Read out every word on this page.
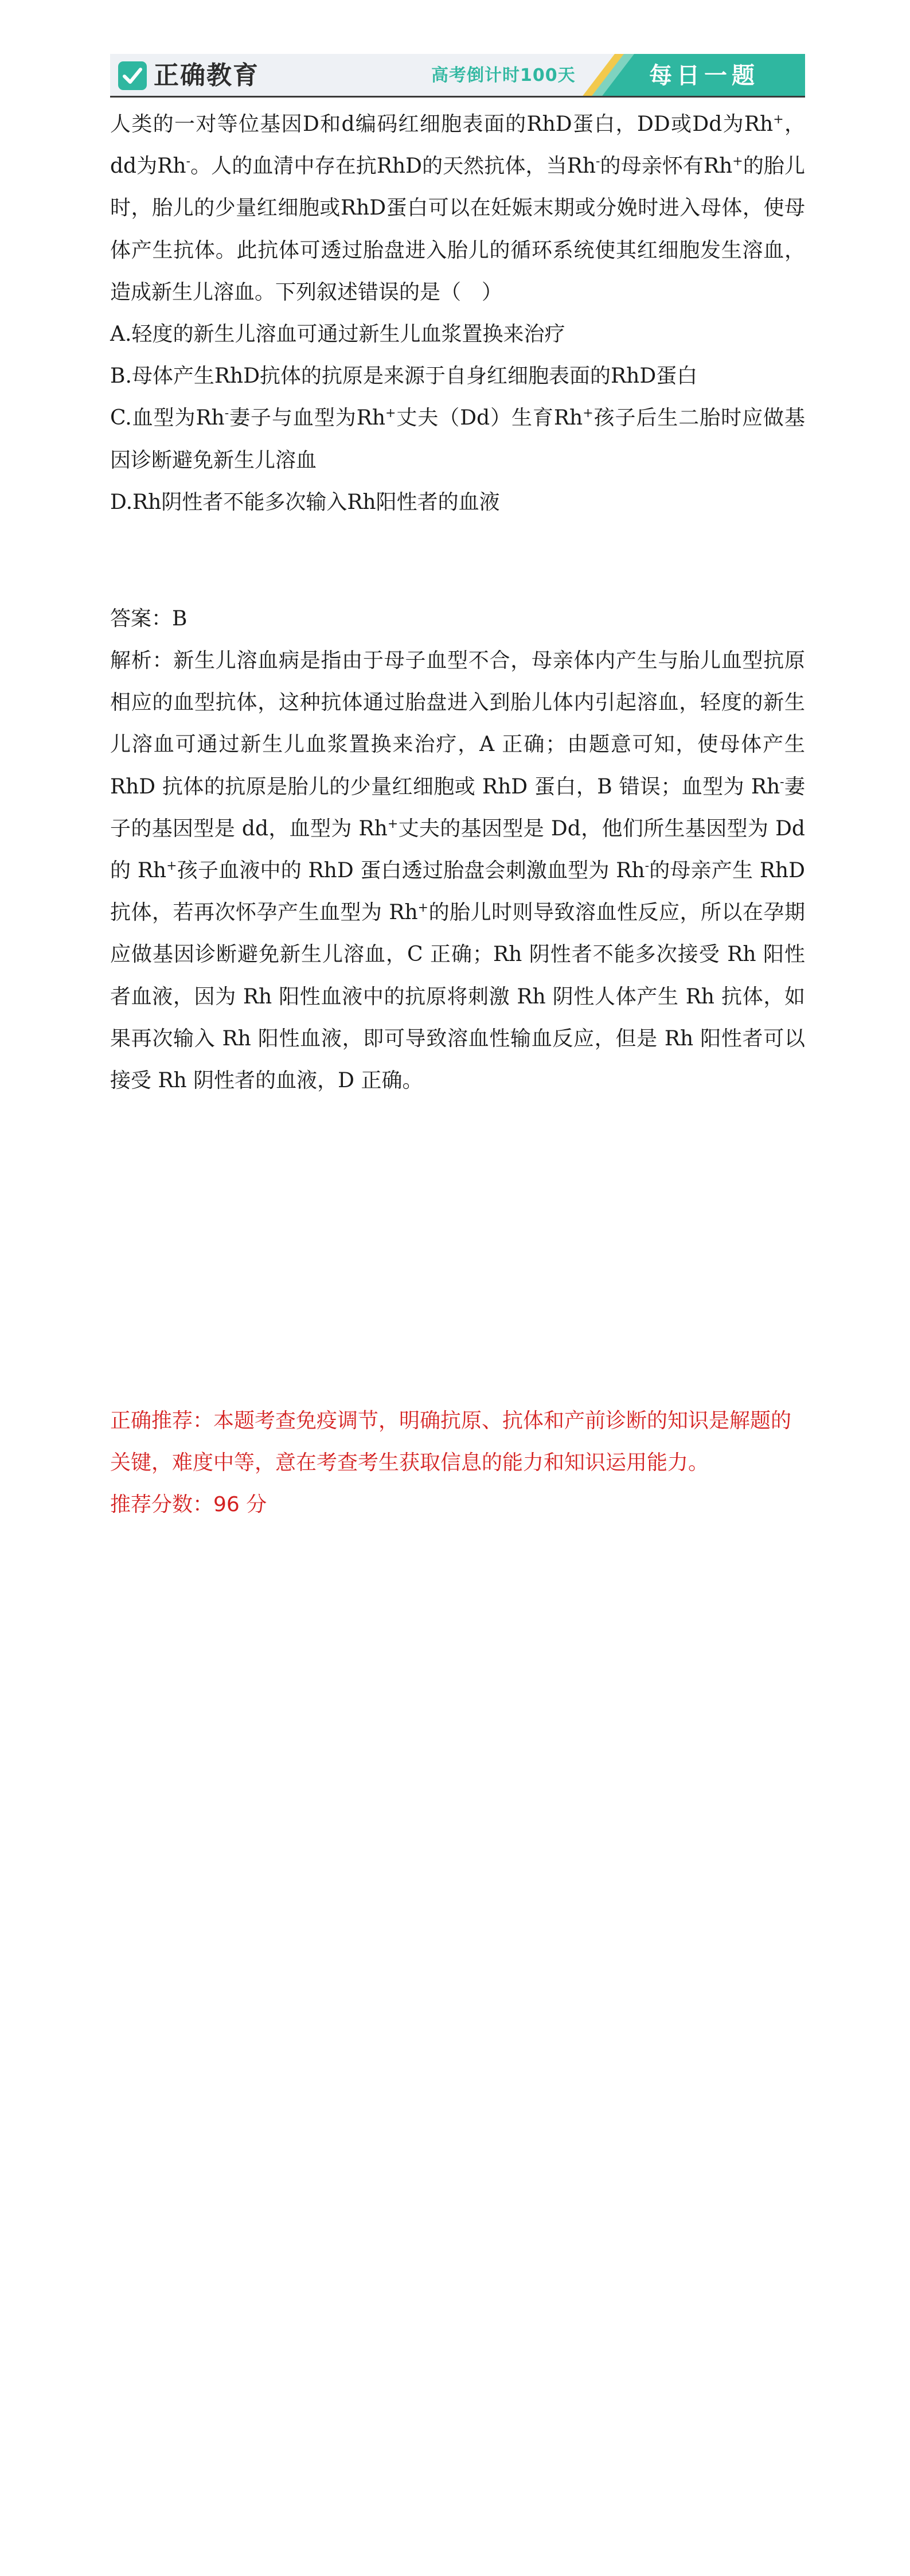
正确教育	高考倒计时100天	每日一题
人类的一对等位基因D和d编码红细胞表面的RhD蛋白，DD或Dd为Rh+，dd为Rh-。人的血清中存在抗RhD的天然抗体，当Rh-的母亲怀有Rh+的胎儿时，胎儿的少量红细胞或RhD蛋白可以在妊娠末期或分娩时进入母体，使母体产生抗体。此抗体可透过胎盘进入胎儿的循环系统使其红细胞发生溶血，造成新生儿溶血。下列叙述错误的是（　）
A.轻度的新生儿溶血可通过新生儿血浆置换来治疗
B.母体产生RhD抗体的抗原是来源于自身红细胞表面的RhD蛋白
C.血型为Rh-妻子与血型为Rh+丈夫（Dd）生育Rh+孩子后生二胎时应做基因诊断避免新生儿溶血
D.Rh阴性者不能多次输入Rh阳性者的血液
答案：B
解析：新生儿溶血病是指由于母子血型不合，母亲体内产生与胎儿血型抗原相应的血型抗体，这种抗体通过胎盘进入到胎儿体内引起溶血，轻度的新生儿溶血可通过新生儿血浆置换来治疗，A 正确；由题意可知，使母体产生 RhD 抗体的抗原是胎儿的少量红细胞或 RhD 蛋白，B 错误；血型为 Rh-妻子的基因型是 dd，血型为 Rh+丈夫的基因型是 Dd，他们所生基因型为 Dd 的 Rh+孩子血液中的 RhD 蛋白透过胎盘会刺激血型为 Rh-的母亲产生 RhD 抗体，若再次怀孕产生血型为 Rh+的胎儿时则导致溶血性反应，所以在孕期应做基因诊断避免新生儿溶血，C 正确；Rh 阴性者不能多次接受 Rh 阳性者血液，因为 Rh 阳性血液中的抗原将刺激 Rh 阴性人体产生 Rh 抗体，如果再次输入 Rh 阳性血液，即可导致溶血性输血反应，但是 Rh 阳性者可以接受 Rh 阴性者的血液，D 正确。
正确推荐：本题考查免疫调节，明确抗原、抗体和产前诊断的知识是解题的关键，难度中等，意在考查考生获取信息的能力和知识运用能力。
推荐分数：96 分
